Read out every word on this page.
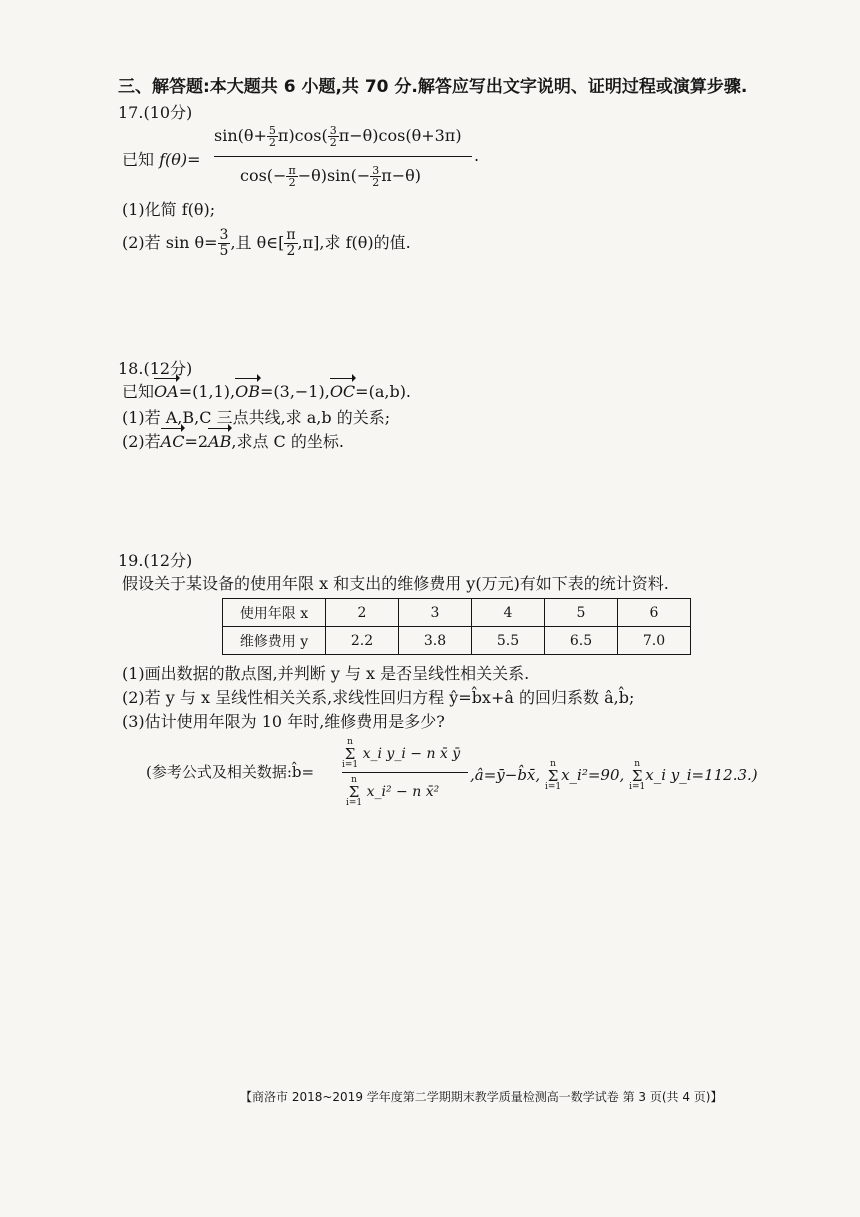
三、解答题:本大题共 6 小题,共 70 分.解答应写出文字说明、证明过程或演算步骤.
17.(10分)
已知 f(θ)=
$\sin(\theta+ \frac{5}{2} \pi)\cos( \frac{3}{2} \pi-\theta)\cos(\theta+3\pi)$
.
$\cos(- \frac{\pi}{2} -\theta)\sin(- \frac{3}{2} \pi-\theta)$
(1)化简 f(θ);
(2)若 $\sin \theta= \frac{3}{5}$ ,且 θ∈[ $\frac{\pi}{2} ,\pi$],求 f(θ)的值.
18.(12分)
已知OA=(1,1),OB=(3,−1),OC=(a,b).
(1)若 A,B,C 三点共线,求 a,b 的关系;
(2)若AC=2AB,求点 C 的坐标.
19.(12分)
假设关于某设备的使用年限 x 和支出的维修费用 y(万元)有如下表的统计资料.
使用年限 x	2	3	4	5	6
维修费用 y	2.2	3.8	5.5	6.5	7.0
(1)画出数据的散点图,并判断 y 与 x 是否呈线性相关关系.
(2)若 y 与 x 呈线性相关关系,求线性回归方程 ŷ=b̂x+â 的回归系数 â,b̂;
(3)估计使用年限为 10 年时,维修费用是多少?
(参考公式及相关数据:b̂=
n
Σ
i=1
x_i y_i − n x̄ ȳ
n
Σ
i=1
x_i² − n x̄²
,â=ȳ−b̂x̄,
n
Σ
i=1
x_i²=90,
n
Σ
i=1
x_i y_i=112.3.)
【商洛市 2018~2019 学年度第二学期期末教学质量检测高一数学试卷 第 3 页(共 4 页)】
